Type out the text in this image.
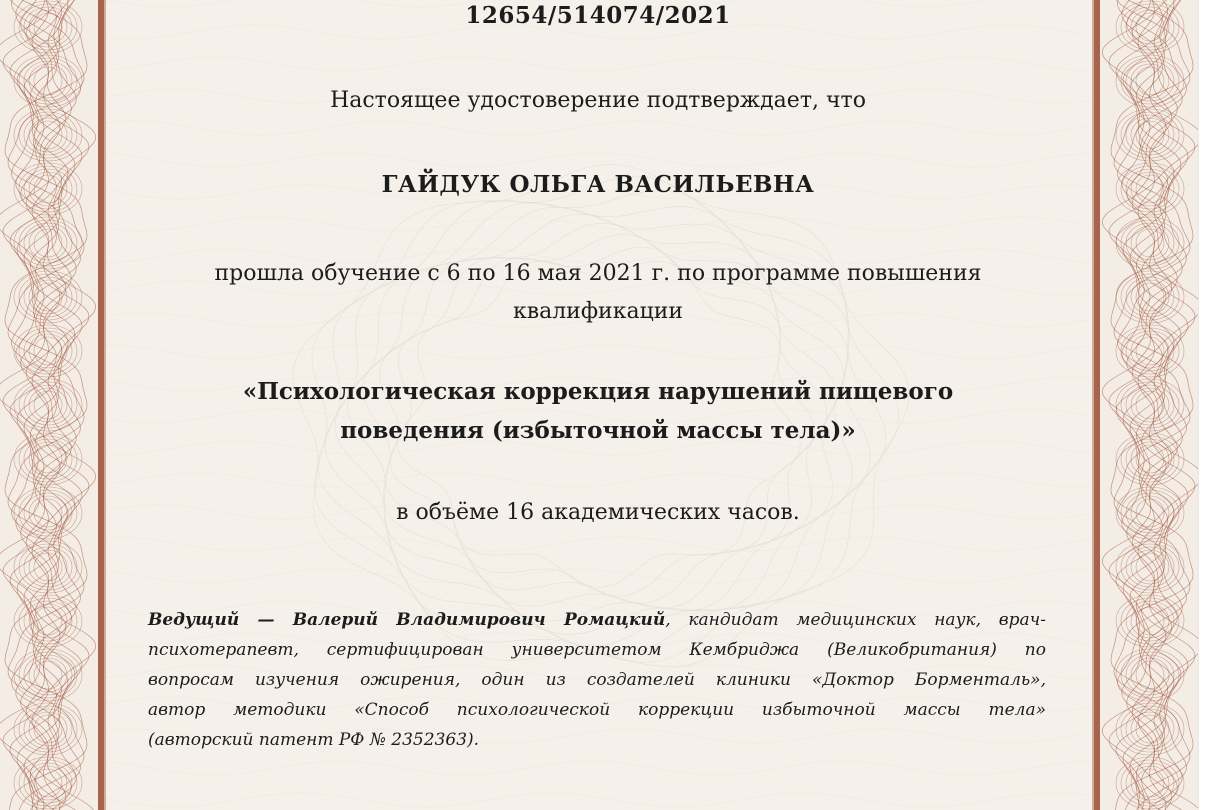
12654/514074/2021

Настоящее удостоверение подтверждает, что

ГАЙДУК ОЛЬГА ВАСИЛЬЕВНА

прошла обучение с 6 по 16 мая 2021 г. по программе повышения
квалификации

«Психологическая коррекция нарушений пищевого
поведения (избыточной массы тела)»

в объёме 16 академических часов.

Ведущий — Валерий Владимирович Ромацкий, кандидат медицинских наук, врач-
психотерапевт, сертифицирован университетом Кембриджа (Великобритания) по
вопросам изучения ожирения, один из создателей клиники «Доктор Борменталь»,
автор методики «Способ психологической коррекции избыточной массы тела»
(авторский патент РФ № 2352363).
